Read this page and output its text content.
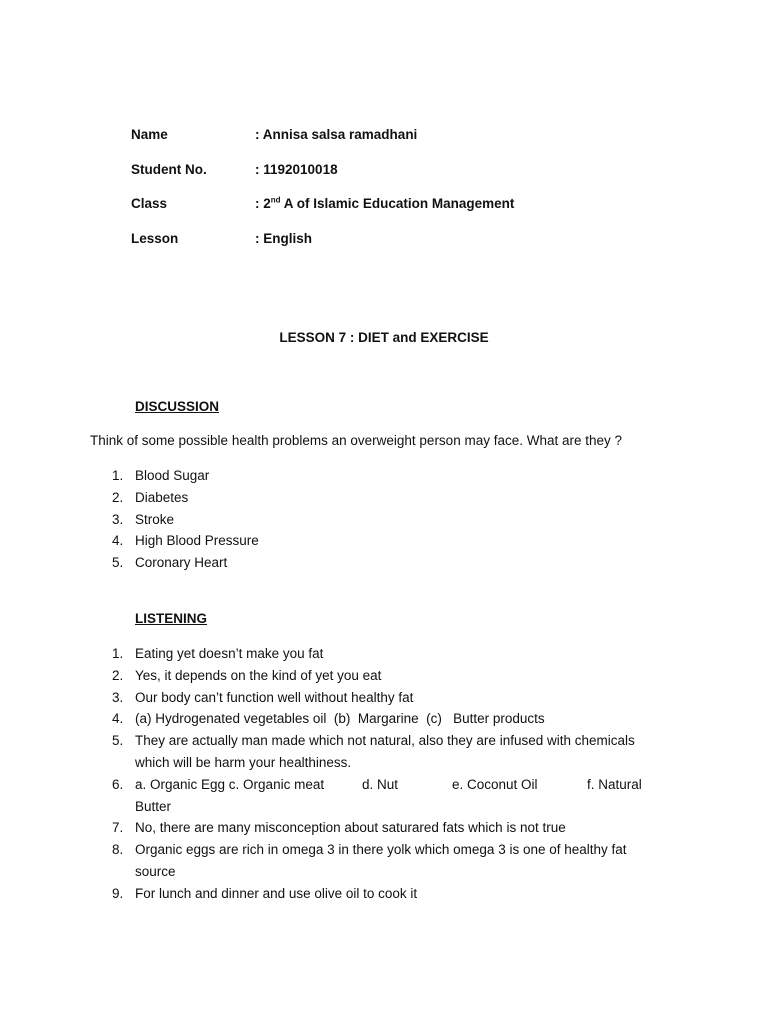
Name	: Annisa salsa ramadhani
Student No.	: 1192010018
Class	: 2nd A of Islamic Education Management
Lesson	: English
LESSON 7 : DIET and EXERCISE
DISCUSSION
Think of some possible health problems an overweight person may face. What are they ?
1. Blood Sugar
2. Diabetes
3. Stroke
4. High Blood Pressure
5. Coronary Heart
LISTENING
1. Eating yet doesn’t make you fat
2. Yes, it depends on the kind of yet you eat
3. Our body can’t function well without healthy fat
4. (a) Hydrogenated vegetables oil  (b)  Margarine  (c)   Butter products
5. They are actually man made which not natural, also they are infused with chemicals which will be harm your healthiness.
6. a. Organic Egg c. Organic meat	d. Nut	e. Coconut Oil	f. Natural Butter
7. No, there are many misconception about saturared fats which is not true
8. Organic eggs are rich in omega 3 in there yolk which omega 3 is one of healthy fat source
9. For lunch and dinner and use olive oil to cook it
